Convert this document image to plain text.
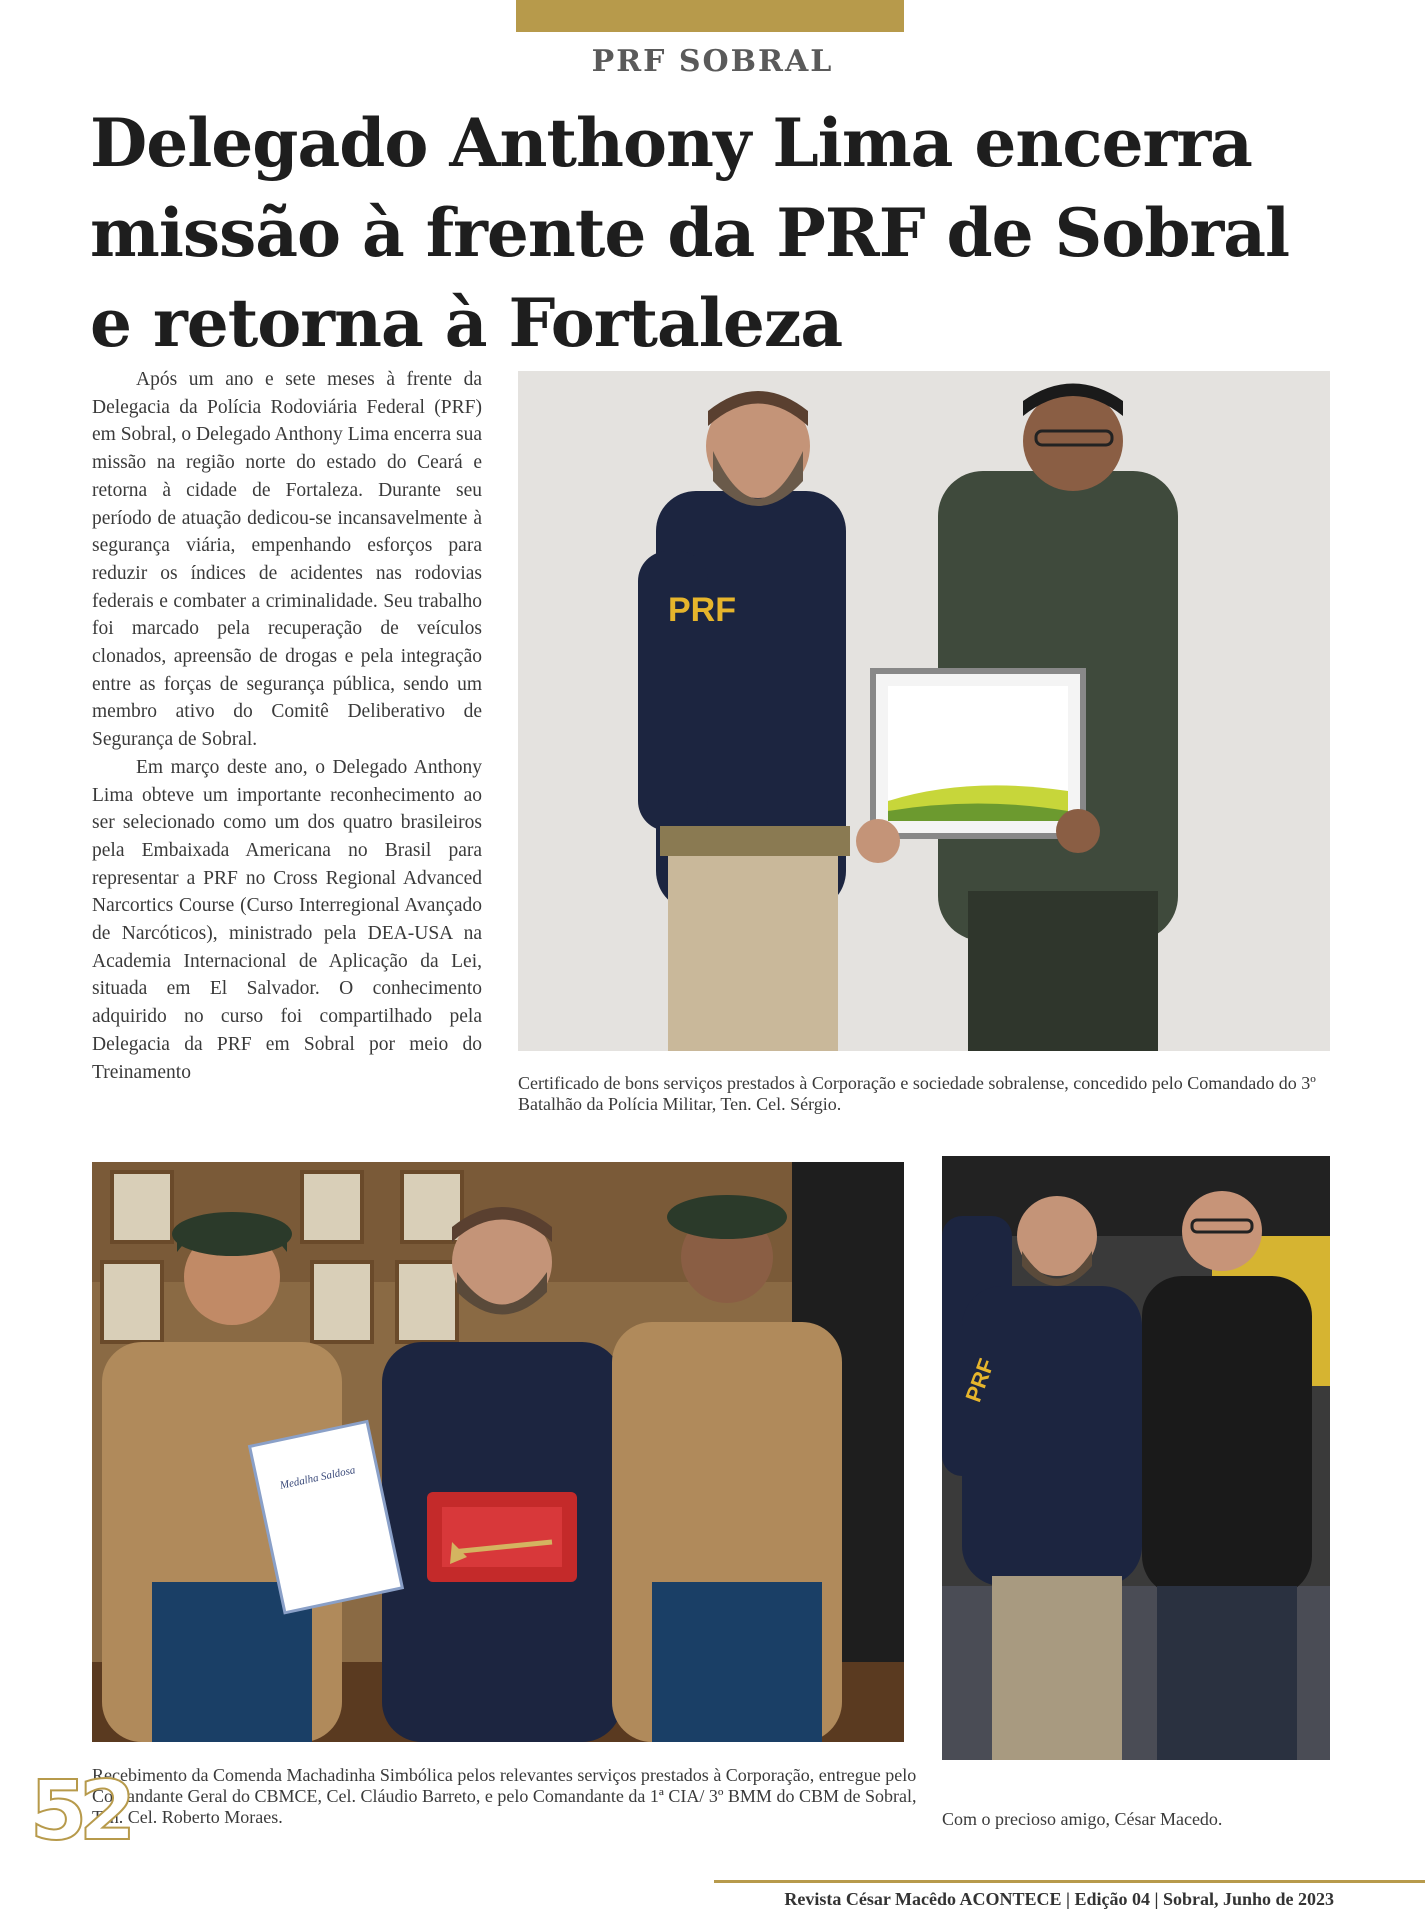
PRF SOBRAL
Delegado Anthony Lima encerra missão à frente da PRF de Sobral e retorna à Fortaleza

Após um ano e sete meses à frente da Delegacia da Polícia Rodoviária Federal (PRF) em Sobral, o Delegado Anthony Lima encerra sua missão na região norte do estado do Ceará e retorna à cidade de Fortaleza. Durante seu período de atuação dedicou-se incansavelmente à segurança viária, empenhando esforços para reduzir os índices de acidentes nas rodovias federais e combater a criminalidade. Seu trabalho foi marcado pela recuperação de veículos clonados, apreensão de drogas e pela integração entre as forças de segurança pública, sendo um membro ativo do Comitê Deliberativo de Segurança de Sobral.

Em março deste ano, o Delegado Anthony Lima obteve um importante reconhecimento ao ser selecionado como um dos quatro brasileiros pela Embaixada Americana no Brasil para representar a PRF no Cross Regional Advanced Narcortics Course (Curso Interregional Avançado de Narcóticos), ministrado pela DEA-USA na Academia Internacional de Aplicação da Lei, situada em El Salvador. O conhecimento adquirido no curso foi compartilhado pela Delegacia da PRF em Sobral por meio do Treinamento

PRF
Certificado de bons serviços prestados à Corporação e sociedade sobralense, concedido pelo Comandado do 3º Batalhão da Polícia Militar, Ten. Cel. Sérgio.
Medalha Saldosa
Recebimento da Comenda Machadinha Simbólica pelos relevantes serviços prestados à Corporação, entregue pelo Comandante Geral do CBMCE, Cel. Cláudio Barreto, e pelo Comandante da 1ª CIA/ 3º BMM do CBM de Sobral, Ten. Cel. Roberto Moraes.
PRF
Com o precioso amigo, César Macedo.
52
Revista César Macêdo ACONTECE | Edição 04 | Sobral, Junho de 2023
